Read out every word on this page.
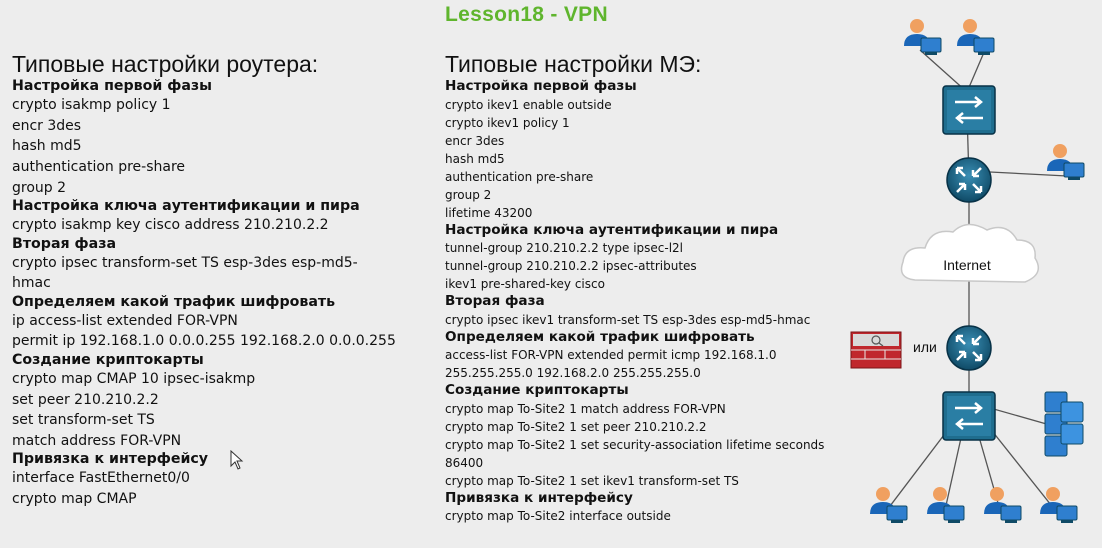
Lesson18 - VPN
Типовые настройки роутера:
Настройка первой фазы
crypto isakmp policy 1
encr 3des
hash md5
authentication pre-share
group 2
Настройка ключа аутентификации и пира
crypto isakmp key cisco address 210.210.2.2
Вторая фаза
crypto ipsec transform-set TS esp-3des esp-md5-
hmac
Определяем какой трафик шифровать
ip access-list extended FOR-VPN
permit ip 192.168.1.0 0.0.0.255 192.168.2.0 0.0.0.255
Создание криптокарты
crypto map CMAP 10 ipsec-isakmp
set peer 210.210.2.2
set transform-set TS
match address FOR-VPN
Привязка к интерфейсу
interface FastEthernet0/0
crypto map CMAP
Типовые настройки МЭ:
Настройка первой фазы
crypto ikev1 enable outside
crypto ikev1 policy 1
encr 3des
hash md5
authentication pre-share
group 2
lifetime 43200
Настройка ключа аутентификации и пира
tunnel-group 210.210.2.2 type ipsec-l2l
tunnel-group 210.210.2.2 ipsec-attributes
ikev1 pre-shared-key cisco
Вторая фаза
crypto ipsec ikev1 transform-set TS esp-3des esp-md5-hmac
Определяем какой трафик шифровать
access-list FOR-VPN extended permit icmp 192.168.1.0
255.255.255.0 192.168.2.0 255.255.255.0
Создание криптокарты
crypto map To-Site2 1 match address FOR-VPN
crypto map To-Site2 1 set peer 210.210.2.2
crypto map To-Site2 1 set security-association lifetime seconds
86400
crypto map To-Site2 1 set ikev1 transform-set TS
Привязка к интерфейсу
crypto map To-Site2 interface outside
Internet
или
